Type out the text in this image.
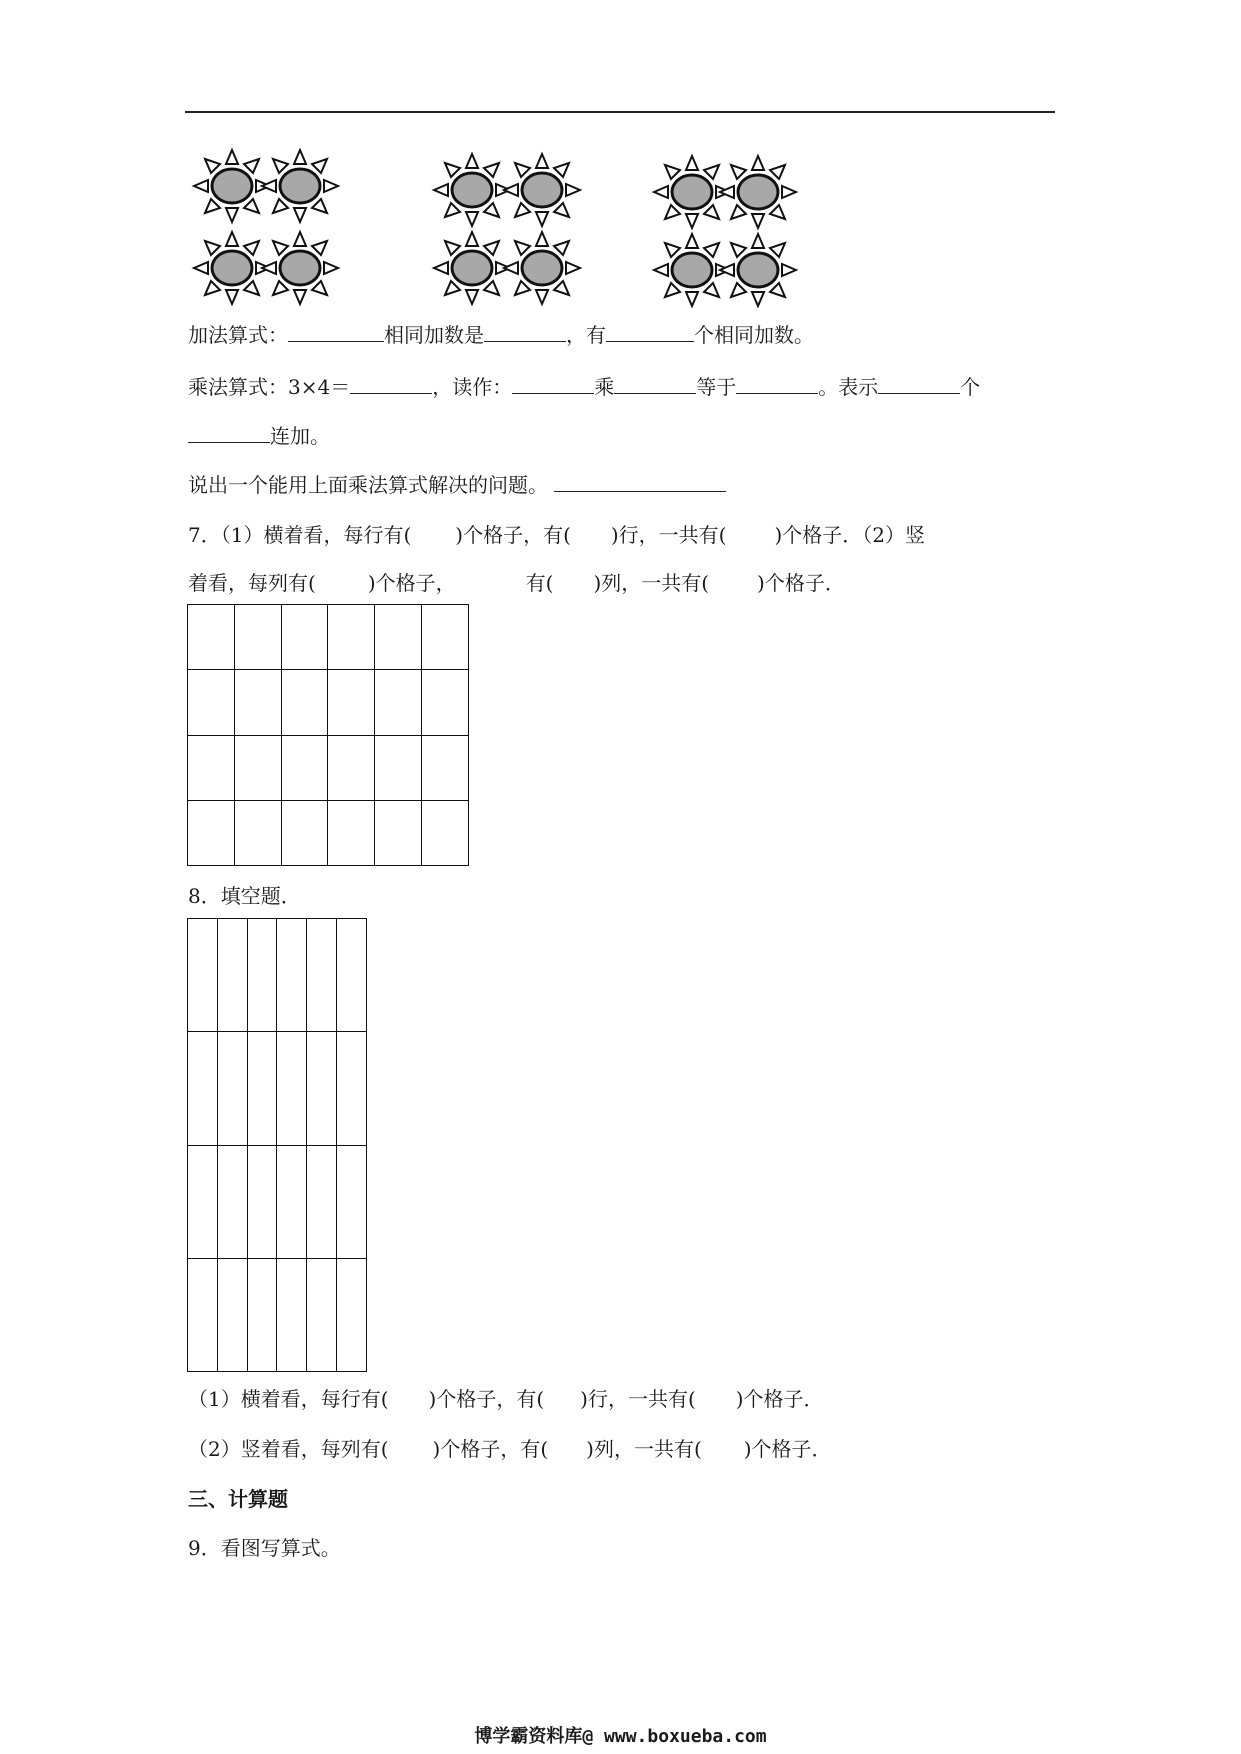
加法算式：	相同加数是	，有	个相同加数。
乘法算式：3×4＝	，读作：	乘	等于	。表示	个
连加。
说出一个能用上面乘法算式解决的问题。
7．（1）横着看，每行有( )个格子，有( )行，一共有( )个格子．（2）竖
着看，每列有(	)个格子，	有( )列，一共有( )个格子．

8．填空题．

（1）横着看，每行有( )个格子，有( )行，一共有( )个格子．
（2）竖着看，每列有( )个格子，有( )列，一共有( )个格子．
三、计算题
9．看图写算式。
博学霸资料库@ www.boxueba.com
